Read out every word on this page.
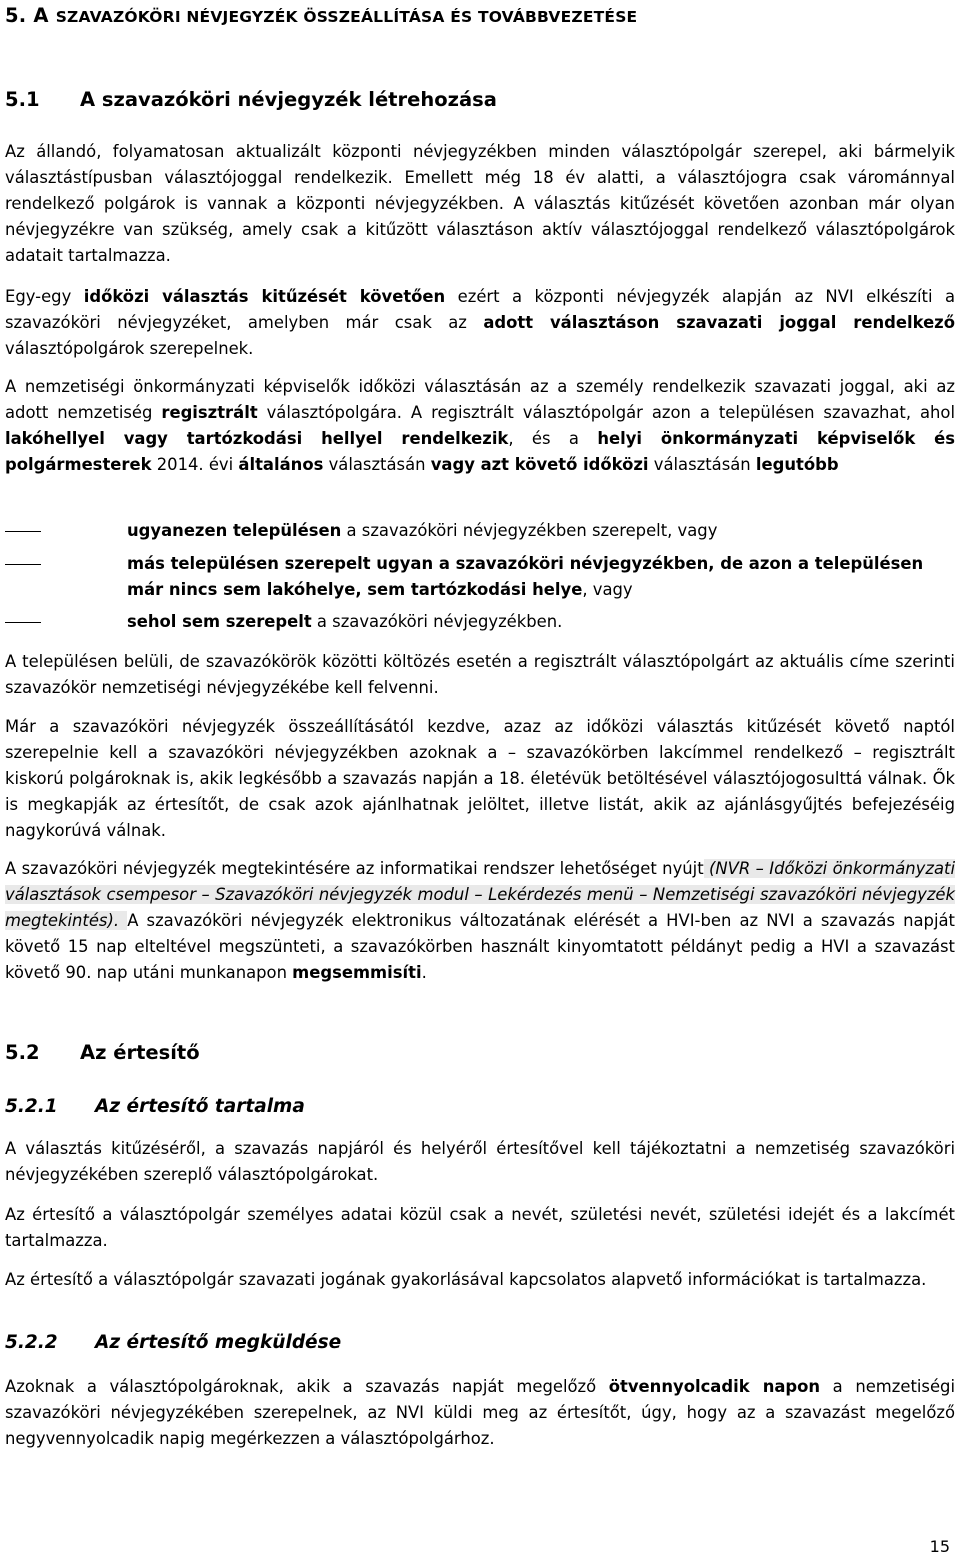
5. A SZAVAZÓKÖRI NÉVJEGYZÉK ÖSSZEÁLLÍTÁSA ÉS TOVÁBBVEZETÉSE
5.1 A szavazóköri névjegyzék létrehozása
Az állandó, folyamatosan aktualizált központi névjegyzékben minden választópolgár szerepel, aki bármelyik választástípusban választójoggal rendelkezik. Emellett még 18 év alatti, a választójogra csak várománnyal rendelkező polgárok is vannak a központi névjegyzékben. A választás kitűzését követően azonban már olyan névjegyzékre van szükség, amely csak a kitűzött választáson aktív választójoggal rendelkező választópolgárok adatait tartalmazza.
Egy-egy időközi választás kitűzését követően ezért a központi névjegyzék alapján az NVI elkészíti a szavazóköri névjegyzéket, amelyben már csak az adott választáson szavazati joggal rendelkező választópolgárok szerepelnek.
A nemzetiségi önkormányzati képviselők időközi választásán az a személy rendelkezik szavazati joggal, aki az adott nemzetiség regisztrált választópolgára. A regisztrált választópolgár azon a településen szavazhat, ahol lakóhellyel vagy tartózkodási hellyel rendelkezik, és a helyi önkormányzati képviselők és polgármesterek 2014. évi általános választásán vagy azt követő időközi választásán legutóbb
ugyanezen településen a szavazóköri névjegyzékben szerepelt, vagy
más településen szerepelt ugyan a szavazóköri névjegyzékben, de azon a településen már nincs sem lakóhelye, sem tartózkodási helye, vagy
sehol sem szerepelt a szavazóköri névjegyzékben.
A településen belüli, de szavazókörök közötti költözés esetén a regisztrált választópolgárt az aktuális címe szerinti szavazókör nemzetiségi névjegyzékébe kell felvenni.
Már a szavazóköri névjegyzék összeállításától kezdve, azaz az időközi választás kitűzését követő naptól szerepelnie kell a szavazóköri névjegyzékben azoknak a – szavazókörben lakcímmel rendelkező – regisztrált kiskorú polgároknak is, akik legkésőbb a szavazás napján a 18. életévük betöltésével választójogosulttá válnak. Ők is megkapják az értesítőt, de csak azok ajánlhatnak jelöltet, illetve listát, akik az ajánlásgyűjtés befejezéséig nagykorúvá válnak.
A szavazóköri névjegyzék megtekintésére az informatikai rendszer lehetőséget nyújt (NVR – Időközi önkormányzati választások csempesor – Szavazóköri névjegyzék modul – Lekérdezés menü – Nemzetiségi szavazóköri névjegyzék megtekintés). A szavazóköri névjegyzék elektronikus változatának elérését a HVI-ben az NVI a szavazás napját követő 15 nap elteltével megszünteti, a szavazókörben használt kinyomtatott példányt pedig a HVI a szavazást követő 90. nap utáni munkanapon megsemmisíti.
5.2 Az értesítő
5.2.1 Az értesítő tartalma
A választás kitűzéséről, a szavazás napjáról és helyéről értesítővel kell tájékoztatni a nemzetiség szavazóköri névjegyzékében szereplő választópolgárokat.
Az értesítő a választópolgár személyes adatai közül csak a nevét, születési nevét, születési idejét és a lakcímét tartalmazza.
Az értesítő a választópolgár szavazati jogának gyakorlásával kapcsolatos alapvető információkat is tartalmazza.
5.2.2 Az értesítő megküldése
Azoknak a választópolgároknak, akik a szavazás napját megelőző ötvennyolcadik napon a nemzetiségi szavazóköri névjegyzékében szerepelnek, az NVI küldi meg az értesítőt, úgy, hogy az a szavazást megelőző negyvennyolcadik napig megérkezzen a választópolgárhoz.
15
